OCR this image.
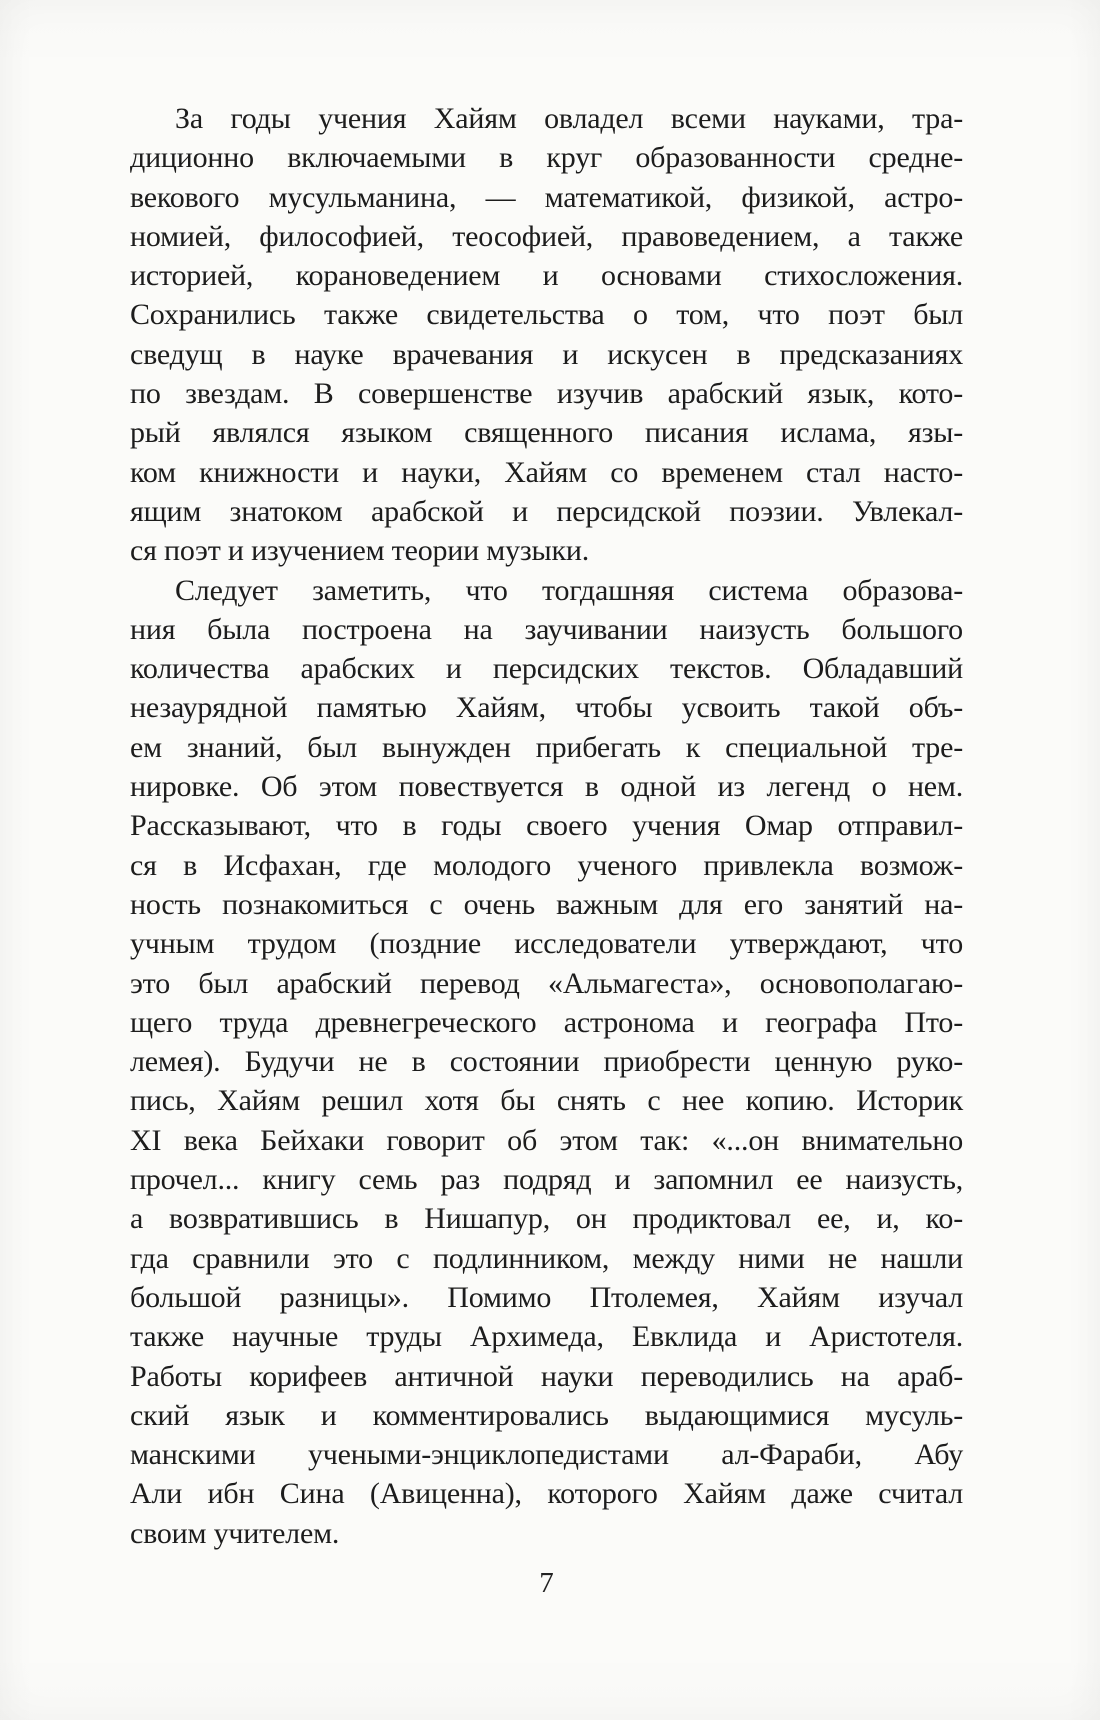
За годы учения Хайям овладел всеми науками, тра-
диционно включаемыми в круг образованности средне-
векового мусульманина, — математикой, физикой, астро-
номией, философией, теософией, правоведением, а также
историей, корановедением и основами стихосложения.
Сохранились также свидетельства о том, что поэт был
сведущ в науке врачевания и искусен в предсказаниях
по звездам. В совершенстве изучив арабский язык, кото-
рый являлся языком священного писания ислама, язы-
ком книжности и науки, Хайям со временем стал насто-
ящим знатоком арабской и персидской поэзии. Увлекал-
ся поэт и изучением теории музыки.
Следует заметить, что тогдашняя система образова-
ния была построена на заучивании наизусть большого
количества арабских и персидских текстов. Обладавший
незаурядной памятью Хайям, чтобы усвоить такой объ-
ем знаний, был вынужден прибегать к специальной тре-
нировке. Об этом повествуется в одной из легенд о нем.
Рассказывают, что в годы своего учения Омар отправил-
ся в Исфахан, где молодого ученого привлекла возмож-
ность познакомиться с очень важным для его занятий на-
учным трудом (поздние исследователи утверждают, что
это был арабский перевод «Альмагеста», основополагаю-
щего труда древнегреческого астронома и географа Пто-
лемея). Будучи не в состоянии приобрести ценную руко-
пись, Хайям решил хотя бы снять с нее копию. Историк
XI века Бейхаки говорит об этом так: «...он внимательно
прочел... книгу семь раз подряд и запомнил ее наизусть,
а возвратившись в Нишапур, он продиктовал ее, и, ко-
гда сравнили это с подлинником, между ними не нашли
большой разницы». Помимо Птолемея, Хайям изучал
также научные труды Архимеда, Евклида и Аристотеля.
Работы корифеев античной науки переводились на араб-
ский язык и комментировались выдающимися мусуль-
манскими учеными-энциклопедистами ал-Фараби, Абу
Али ибн Сина (Авиценна), которого Хайям даже считал
своим учителем.
7
